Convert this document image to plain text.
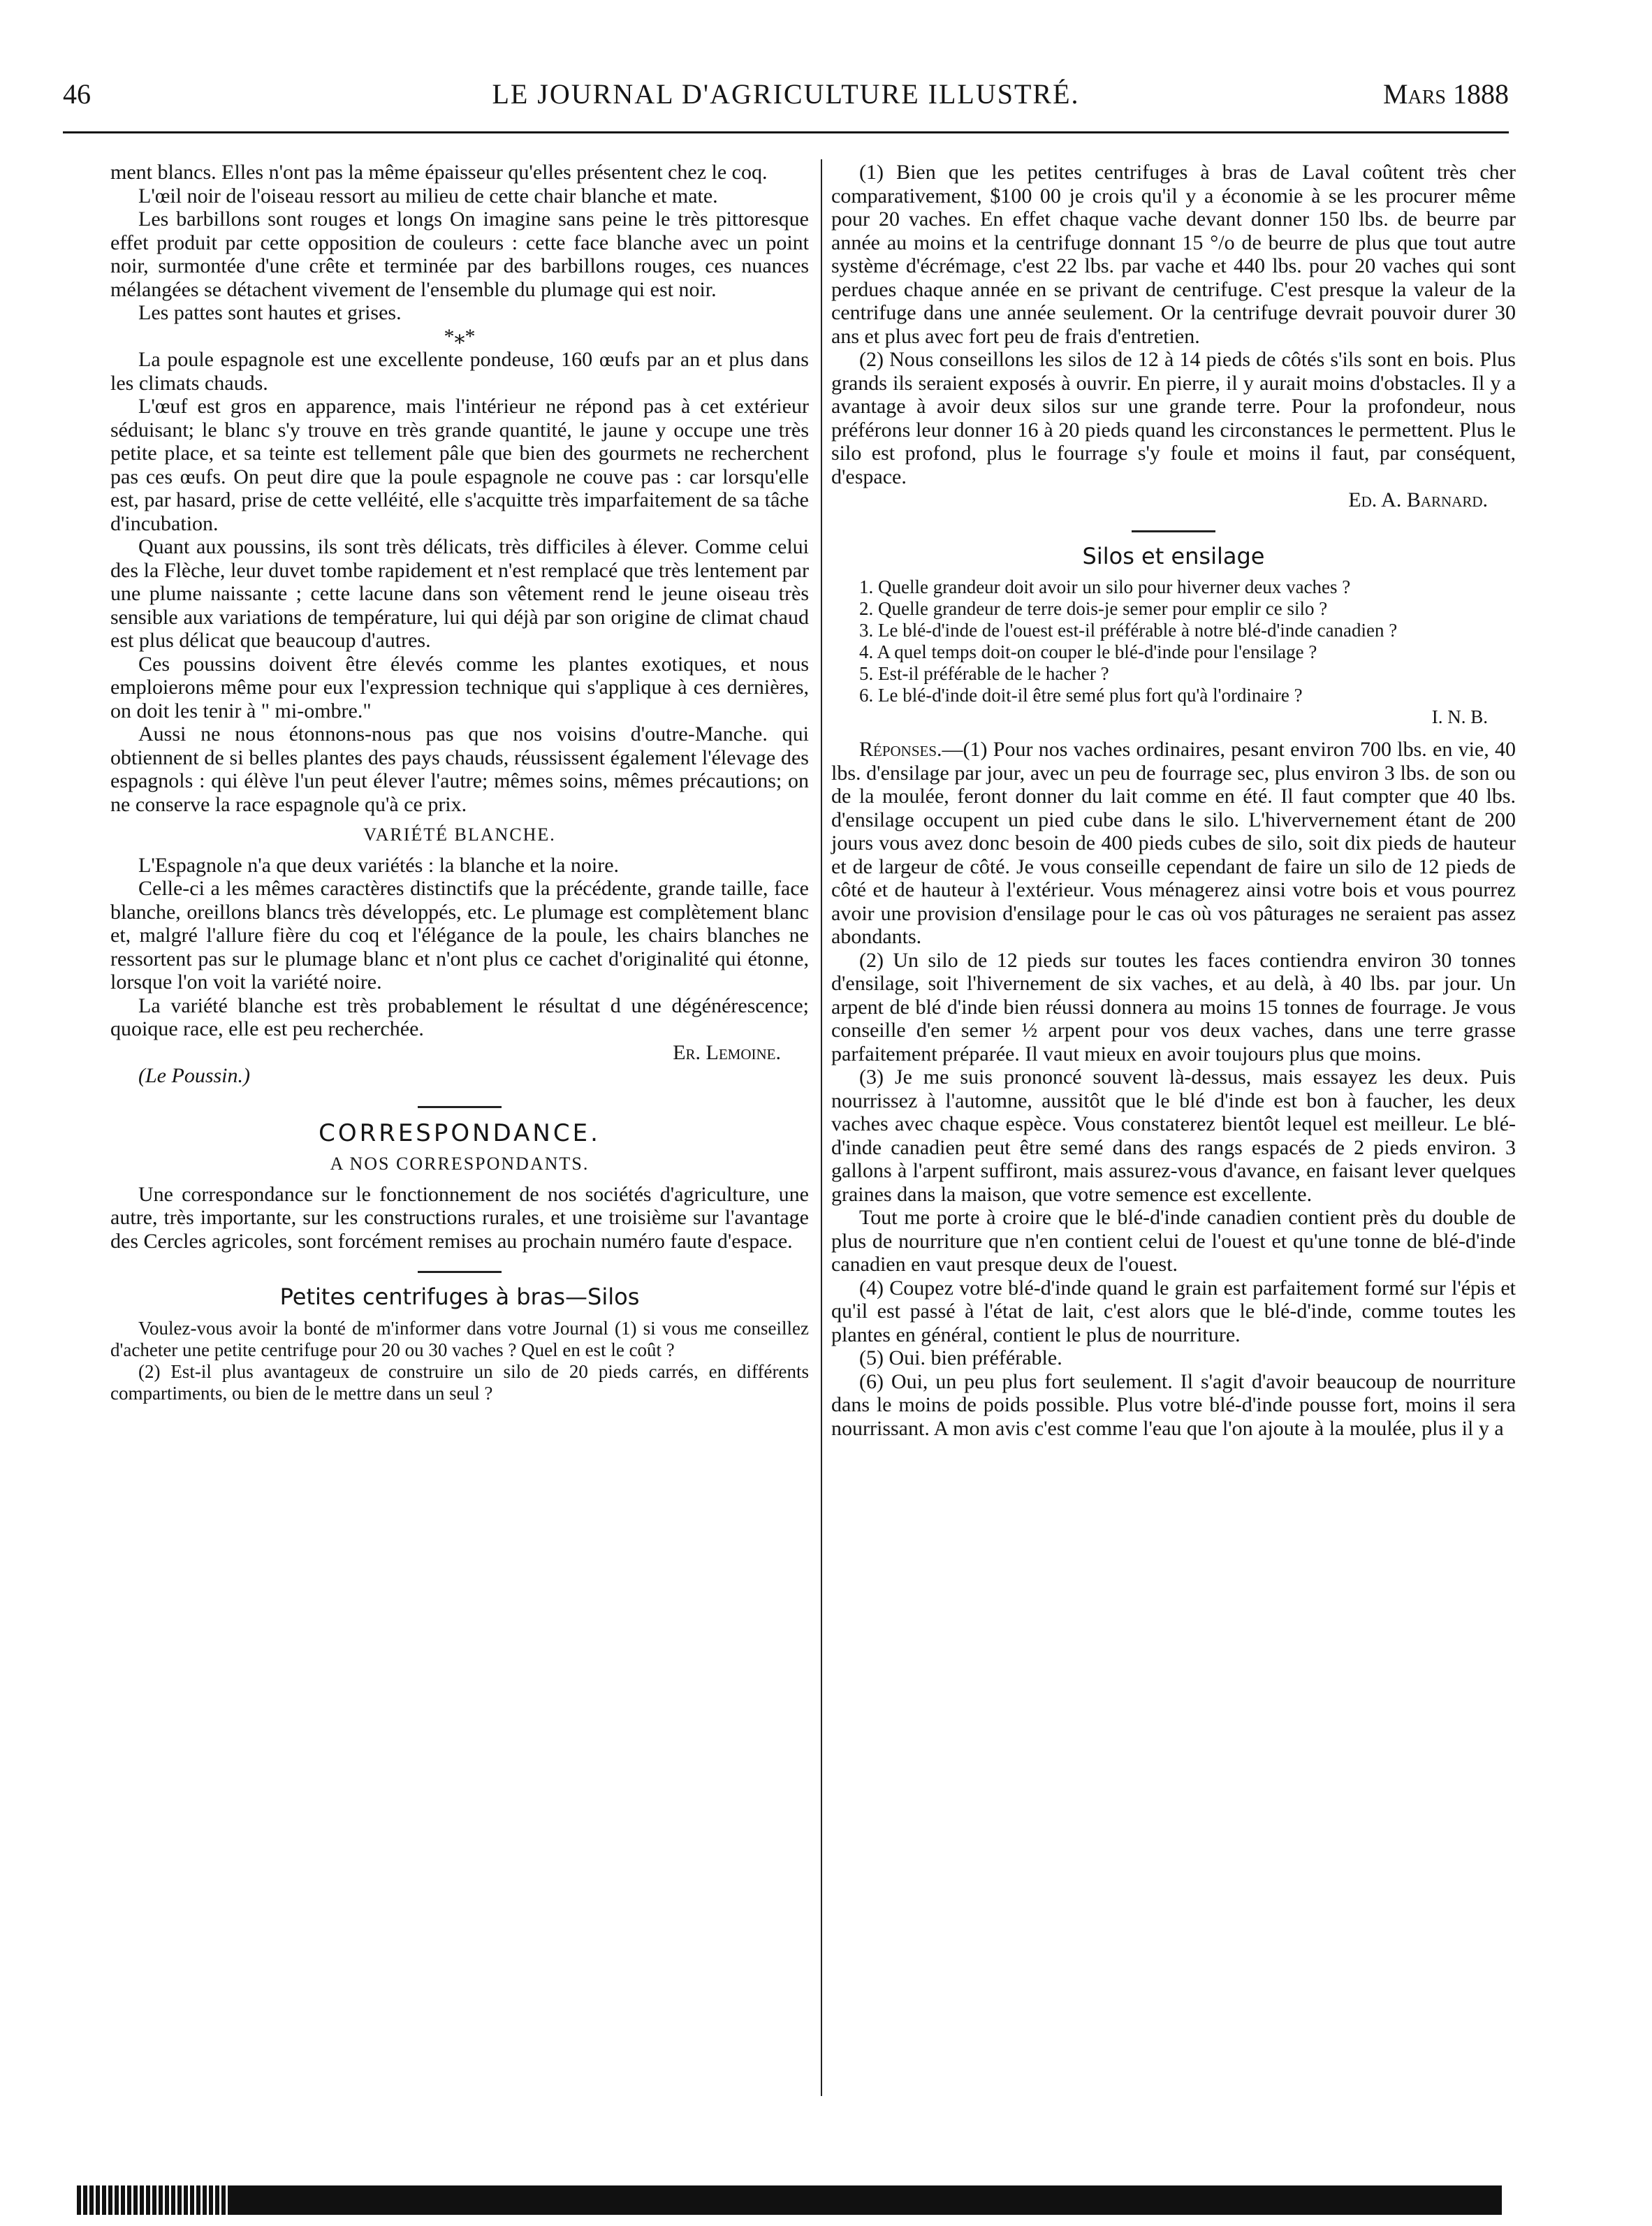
46	LE JOURNAL D'AGRICULTURE ILLUSTRÉ.	Mars 1888

ment blancs. Elles n'ont pas la même épaisseur qu'elles présentent chez le coq.

L'œil noir de l'oiseau ressort au milieu de cette chair blanche et mate.

Les barbillons sont rouges et longs On imagine sans peine le très pittoresque effet produit par cette opposition de couleurs : cette face blanche avec un point noir, surmontée d'une crête et terminée par des barbillons rouges, ces nuances mélangées se détachent vivement de l'ensemble du plumage qui est noir.

Les pattes sont hautes et grises.

*⁎*

La poule espagnole est une excellente pondeuse, 160 œufs par an et plus dans les climats chauds.

L'œuf est gros en apparence, mais l'intérieur ne répond pas à cet extérieur séduisant; le blanc s'y trouve en très grande quantité, le jaune y occupe une très petite place, et sa teinte est tellement pâle que bien des gourmets ne recherchent pas ces œufs. On peut dire que la poule espagnole ne couve pas : car lorsqu'elle est, par hasard, prise de cette velléité, elle s'acquitte très imparfaitement de sa tâche d'incubation.

Quant aux poussins, ils sont très délicats, très difficiles à élever. Comme celui des la Flèche, leur duvet tombe rapidement et n'est remplacé que très lentement par une plume naissante ; cette lacune dans son vêtement rend le jeune oiseau très sensible aux variations de température, lui qui déjà par son origine de climat chaud est plus délicat que beaucoup d'autres.

Ces poussins doivent être élevés comme les plantes exotiques, et nous emploierons même pour eux l'expression technique qui s'applique à ces dernières, on doit les tenir à " mi-ombre."

Aussi ne nous étonnons-nous pas que nos voisins d'outre-Manche. qui obtiennent de si belles plantes des pays chauds, réussissent également l'élevage des espagnols : qui élève l'un peut élever l'autre; mêmes soins, mêmes précautions; on ne conserve la race espagnole qu'à ce prix.

VARIÉTÉ BLANCHE.

L'Espagnole n'a que deux variétés : la blanche et la noire.

Celle-ci a les mêmes caractères distinctifs que la précédente, grande taille, face blanche, oreillons blancs très développés, etc. Le plumage est complètement blanc et, malgré l'allure fière du coq et l'élégance de la poule, les chairs blanches ne ressortent pas sur le plumage blanc et n'ont plus ce cachet d'originalité qui étonne, lorsque l'on voit la variété noire.

La variété blanche est très probablement le résultat d une dégénérescence; quoique race, elle est peu recherchée.

Er. Lemoine.

(Le Poussin.)

CORRESPONDANCE.

A NOS CORRESPONDANTS.

Une correspondance sur le fonctionnement de nos sociétés d'agriculture, une autre, très importante, sur les constructions rurales, et une troisième sur l'avantage des Cercles agricoles, sont forcément remises au prochain numéro faute d'espace.

Petites centrifuges à bras—Silos

Voulez-vous avoir la bonté de m'informer dans votre Journal (1) si vous me conseillez d'acheter une petite centrifuge pour 20 ou 30 vaches ? Quel en est le coût ?

(2) Est-il plus avantageux de construire un silo de 20 pieds carrés, en différents compartiments, ou bien de le mettre dans un seul ?

(1) Bien que les petites centrifuges à bras de Laval coûtent très cher comparativement, $100 00 je crois qu'il y a économie à se les procurer même pour 20 vaches. En effet chaque vache devant donner 150 lbs. de beurre par année au moins et la centrifuge donnant 15 °/o de beurre de plus que tout autre système d'écrémage, c'est 22 lbs. par vache et 440 lbs. pour 20 vaches qui sont perdues chaque année en se privant de centrifuge. C'est presque la valeur de la centrifuge dans une année seulement. Or la centrifuge devrait pouvoir durer 30 ans et plus avec fort peu de frais d'entretien.

(2) Nous conseillons les silos de 12 à 14 pieds de côtés s'ils sont en bois. Plus grands ils seraient exposés à ouvrir. En pierre, il y aurait moins d'obstacles. Il y a avantage à avoir deux silos sur une grande terre. Pour la profondeur, nous préférons leur donner 16 à 20 pieds quand les circonstances le permettent. Plus le silo est profond, plus le fourrage s'y foule et moins il faut, par conséquent, d'espace.

Ed. A. Barnard.

Silos et ensilage

1. Quelle grandeur doit avoir un silo pour hiverner deux vaches ?

2. Quelle grandeur de terre dois-je semer pour emplir ce silo ?

3. Le blé-d'inde de l'ouest est-il préférable à notre blé-d'inde canadien ?

4. A quel temps doit-on couper le blé-d'inde pour l'ensilage ?

5. Est-il préférable de le hacher ?

6. Le blé-d'inde doit-il être semé plus fort qu'à l'ordinaire ?

I. N. B.

Réponses.—(1) Pour nos vaches ordinaires, pesant environ 700 lbs. en vie, 40 lbs. d'ensilage par jour, avec un peu de fourrage sec, plus environ 3 lbs. de son ou de la moulée, feront donner du lait comme en été. Il faut compter que 40 lbs. d'ensilage occupent un pied cube dans le silo. L'hiververnement étant de 200 jours vous avez donc besoin de 400 pieds cubes de silo, soit dix pieds de hauteur et de largeur de côté. Je vous conseille cependant de faire un silo de 12 pieds de côté et de hauteur à l'extérieur. Vous ménagerez ainsi votre bois et vous pourrez avoir une provision d'ensilage pour le cas où vos pâturages ne seraient pas assez abondants.

(2) Un silo de 12 pieds sur toutes les faces contiendra environ 30 tonnes d'ensilage, soit l'hivernement de six vaches, et au delà, à 40 lbs. par jour. Un arpent de blé d'inde bien réussi donnera au moins 15 tonnes de fourrage. Je vous conseille d'en semer ½ arpent pour vos deux vaches, dans une terre grasse parfaitement préparée. Il vaut mieux en avoir toujours plus que moins.

(3) Je me suis prononcé souvent là-dessus, mais essayez les deux. Puis nourrissez à l'automne, aussitôt que le blé d'inde est bon à faucher, les deux vaches avec chaque espèce. Vous constaterez bientôt lequel est meilleur. Le blé-d'inde canadien peut être semé dans des rangs espacés de 2 pieds environ. 3 gallons à l'arpent suffiront, mais assurez-vous d'avance, en faisant lever quelques graines dans la maison, que votre semence est excellente.

Tout me porte à croire que le blé-d'inde canadien contient près du double de plus de nourriture que n'en contient celui de l'ouest et qu'une tonne de blé-d'inde canadien en vaut presque deux de l'ouest.

(4) Coupez votre blé-d'inde quand le grain est parfaitement formé sur l'épis et qu'il est passé à l'état de lait, c'est alors que le blé-d'inde, comme toutes les plantes en général, contient le plus de nourriture.

(5) Oui. bien préférable.

(6) Oui, un peu plus fort seulement. Il s'agit d'avoir beaucoup de nourriture dans le moins de poids possible. Plus votre blé-d'inde pousse fort, moins il sera nourrissant. A mon avis c'est comme l'eau que l'on ajoute à la moulée, plus il y a
